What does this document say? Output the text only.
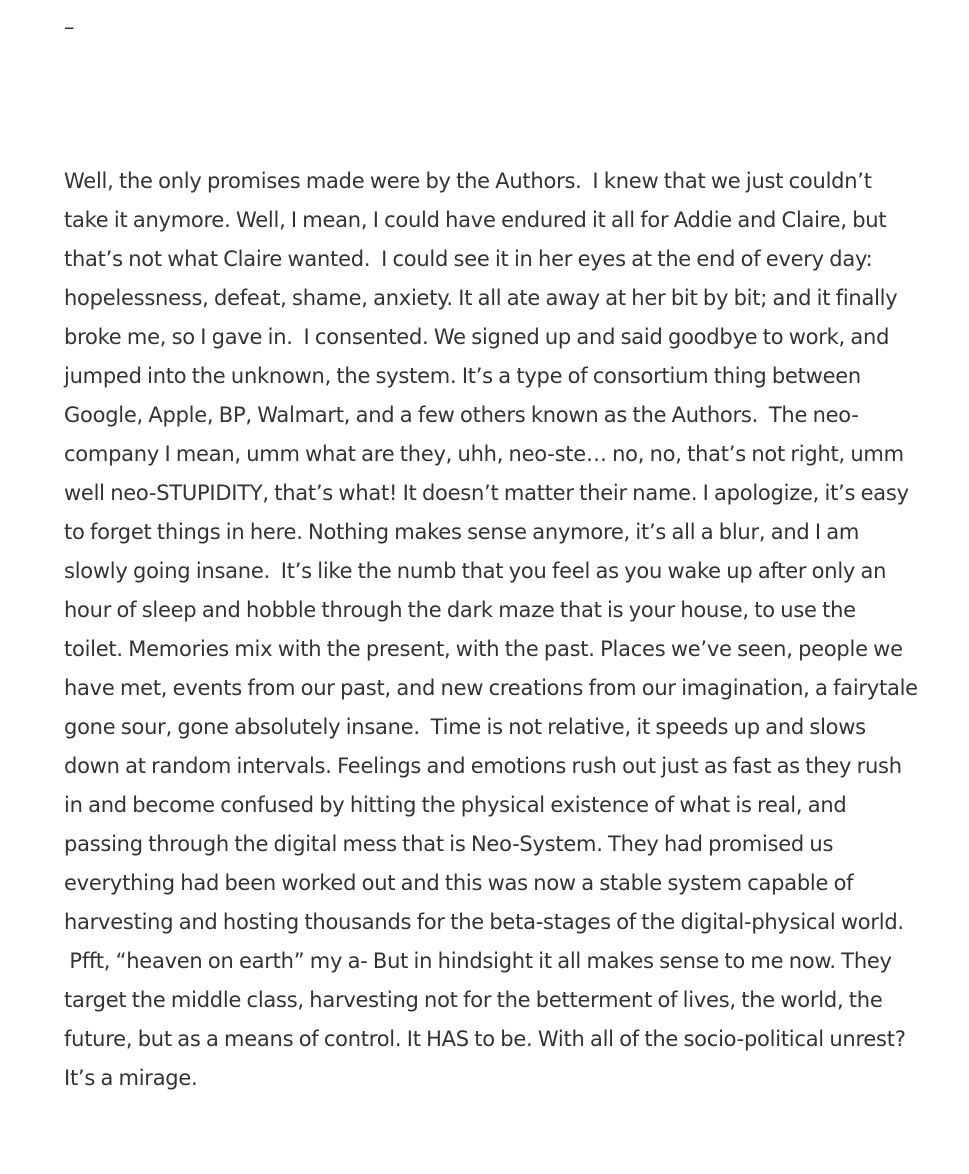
–
Well, the only promises made were by the Authors.  I knew that we just couldn’t
take it anymore. Well, I mean, I could have endured it all for Addie and Claire, but
that’s not what Claire wanted.  I could see it in her eyes at the end of every day:
hopelessness, defeat, shame, anxiety. It all ate away at her bit by bit; and it finally
broke me, so I gave in.  I consented. We signed up and said goodbye to work, and
jumped into the unknown, the system. It’s a type of consortium thing between
Google, Apple, BP, Walmart, and a few others known as the Authors.  The neo-
company I mean, umm what are they, uhh, neo-ste… no, no, that’s not right, umm
well neo-STUPIDITY, that’s what! It doesn’t matter their name. I apologize, it’s easy
to forget things in here. Nothing makes sense anymore, it’s all a blur, and I am
slowly going insane.  It’s like the numb that you feel as you wake up after only an
hour of sleep and hobble through the dark maze that is your house, to use the
toilet. Memories mix with the present, with the past. Places we’ve seen, people we
have met, events from our past, and new creations from our imagination, a fairytale
gone sour, gone absolutely insane.  Time is not relative, it speeds up and slows
down at random intervals. Feelings and emotions rush out just as fast as they rush
in and become confused by hitting the physical existence of what is real, and
passing through the digital mess that is Neo-System. They had promised us
everything had been worked out and this was now a stable system capable of
harvesting and hosting thousands for the beta-stages of the digital-physical world.
Pfft, “heaven on earth” my a- But in hindsight it all makes sense to me now. They
target the middle class, harvesting not for the betterment of lives, the world, the
future, but as a means of control. It HAS to be. With all of the socio-political unrest?
It’s a mirage.
